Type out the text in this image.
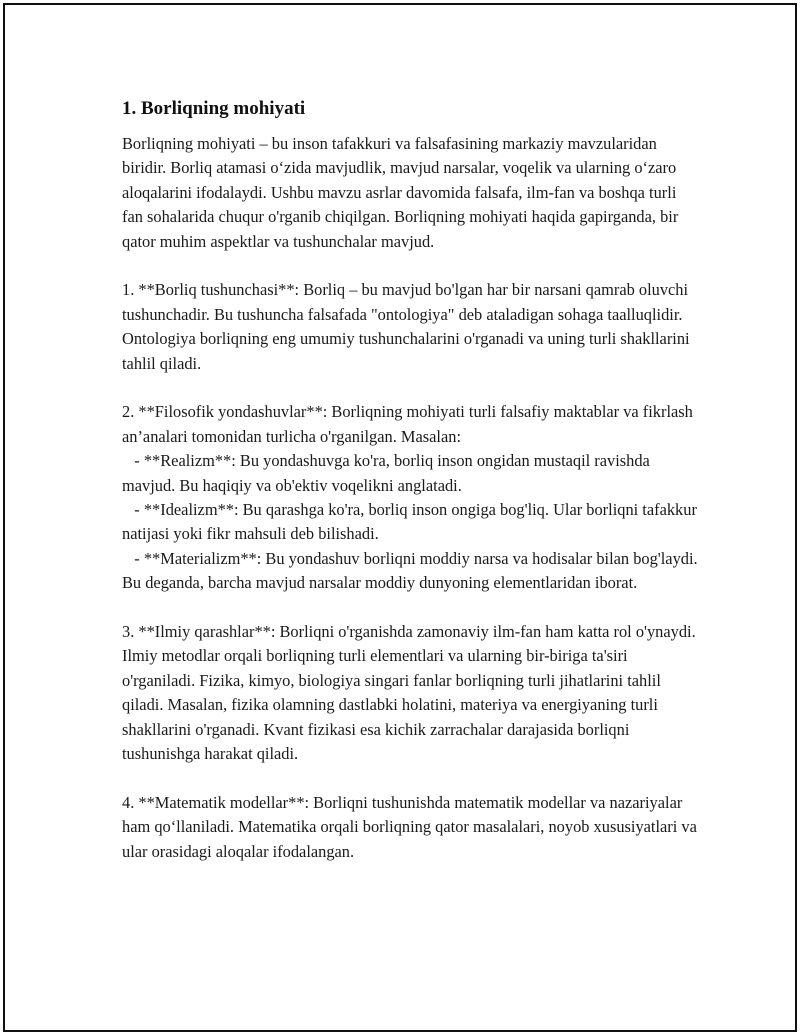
1. Borliqning mohiyati
Borliqning mohiyati – bu inson tafakkuri va falsafasining markaziy mavzularidan biridir. Borliq atamasi o‘zida mavjudlik, mavjud narsalar, voqelik va ularning o‘zaro aloqalarini ifodalaydi. Ushbu mavzu asrlar davomida falsafa, ilm-fan va boshqa turli fan sohalarida chuqur o'rganib chiqilgan. Borliqning mohiyati haqida gapirganda, bir qator muhim aspektlar va tushunchalar mavjud.
1. **Borliq tushunchasi**: Borliq – bu mavjud bo'lgan har bir narsani qamrab oluvchi tushunchadir. Bu tushuncha falsafada "ontologiya" deb ataladigan sohaga taalluqlidir. Ontologiya borliqning eng umumiy tushunchalarini o'rganadi va uning turli shakllarini tahlil qiladi.
2. **Filosofik yondashuvlar**: Borliqning mohiyati turli falsafiy maktablar va fikrlash an’analari tomonidan turlicha o'rganilgan. Masalan:
- **Realizm**: Bu yondashuvga ko'ra, borliq inson ongidan mustaqil ravishda mavjud. Bu haqiqiy va ob'ektiv voqelikni anglatadi.
- **Idealizm**: Bu qarashga ko'ra, borliq inson ongiga bog'liq. Ular borliqni tafakkur natijasi yoki fikr mahsuli deb bilishadi.
- **Materializm**: Bu yondashuv borliqni moddiy narsa va hodisalar bilan bog'laydi. Bu deganda, barcha mavjud narsalar moddiy dunyoning elementlaridan iborat.
3. **Ilmiy qarashlar**: Borliqni o'rganishda zamonaviy ilm-fan ham katta rol o'ynaydi. Ilmiy metodlar orqali borliqning turli elementlari va ularning bir-biriga ta'siri o'rganiladi. Fizika, kimyo, biologiya singari fanlar borliqning turli jihatlarini tahlil qiladi. Masalan, fizika olamning dastlabki holatini, materiya va energiyaning turli shakllarini o'rganadi. Kvant fizikasi esa kichik zarrachalar darajasida borliqni tushunishga harakat qiladi.
4. **Matematik modellar**: Borliqni tushunishda matematik modellar va nazariyalar ham qo‘llaniladi. Matematika orqali borliqning qator masalalari, noyob xususiyatlari va ular orasidagi aloqalar ifodalangan.
